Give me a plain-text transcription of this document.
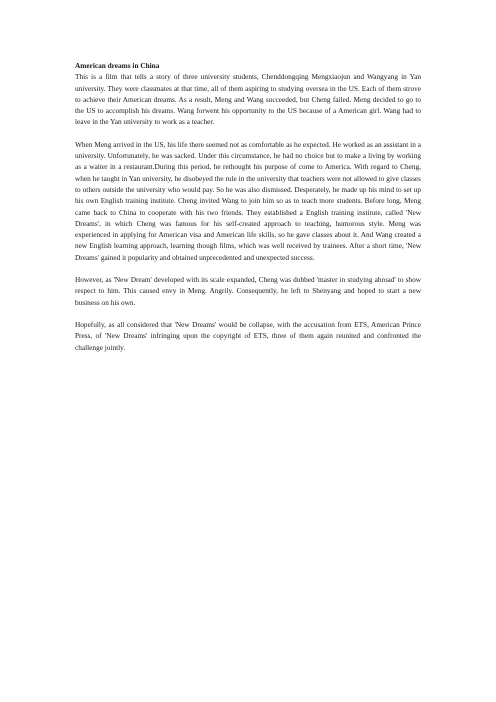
American dreams in China

This is a film that tells a story of three university students, Chenddongqing Mengxiaojun and Wangyang in Yan university. They were classmates at that time, all of them aspiring to studying oversea in the US. Each of them strove to achieve their American dreams. As a result, Meng and Wang succeeded, but Cheng failed. Meng decided to go to the US to accomplish his dreams. Wang forwent his opportunity to the US because of a American girl. Wang had to leave in the Yan university to work as a teacher.

When Meng arrived in the US, his life there seemed not as comfortable as he expected. He worked as an assistant in a university. Unfortunately, he was sacked. Under this circumstance, he had no choice but to make a living by working as a waiter in a restaurant.During this period, he rethought his purpose of come to America. With regard to Cheng, when he taught in Yan university, he disobeyed the rule in the university that teachers were not allowed to give classes to others outside the university who would pay. So he was also dismissed. Desperately, he made up his mind to set up his own English training institute. Cheng invited Wang to join him so as to teach more students. Before long, Meng came back to China to cooperate with his two friends. They established a English training institute, called 'New Dreams', in which Cheng was famous for his self-created approach to teaching, humorous style. Meng was experienced in applying for American visa and American life skills, so he gave classes about it. And Wang created a new English learning approach, learning though films, which was well received by trainees. After a short time, 'New Dreams' gained it popularity and obtained unprecedented and unexpected success.

However, as 'New Dream' developed with its scale expanded, Cheng was dubbed 'master in studying abroad' to show respect to him. This caused envy in Meng. Angrily. Consequently, he left to Shenyang and hoped to start a new business on his own.

Hopefully, as all considered that 'New Dreams' would be collapse, with the accusation from ETS, American Prince Press, of 'New Dreams' infringing upon the copyright of ETS, three of them again reunited and confronted the challenge jointly.
